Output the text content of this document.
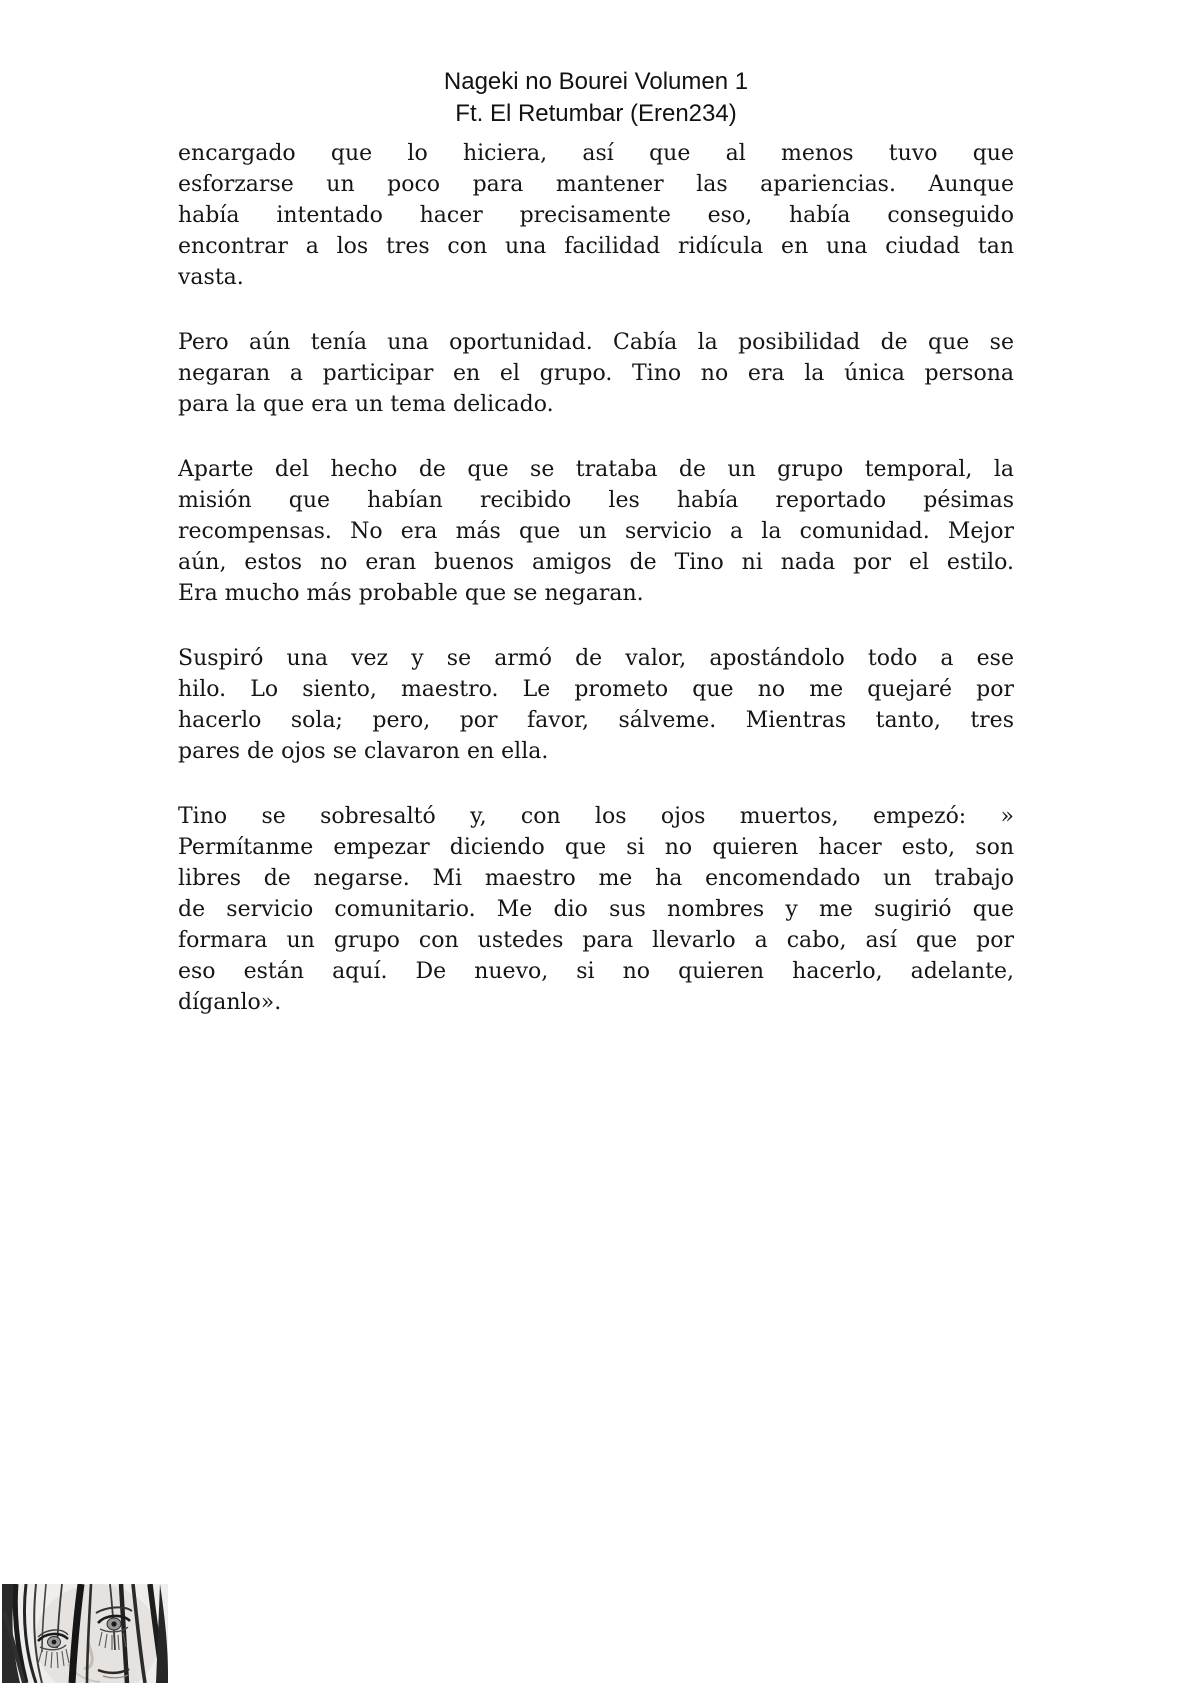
Nageki no Bourei Volumen 1
Ft. El Retumbar (Eren234)
encargado que lo hiciera, así que al menos tuvo que
esforzarse un poco para mantener las apariencias. Aunque
había intentado hacer precisamente eso, había conseguido
encontrar a los tres con una facilidad ridícula en una ciudad tan
vasta.
Pero aún tenía una oportunidad. Cabía la posibilidad de que se
negaran a participar en el grupo. Tino no era la única persona
para la que era un tema delicado.
Aparte del hecho de que se trataba de un grupo temporal, la
misión que habían recibido les había reportado pésimas
recompensas. No era más que un servicio a la comunidad. Mejor
aún, estos no eran buenos amigos de Tino ni nada por el estilo.
Era mucho más probable que se negaran.
Suspiró una vez y se armó de valor, apostándolo todo a ese
hilo. Lo siento, maestro. Le prometo que no me quejaré por
hacerlo sola; pero, por favor, sálveme. Mientras tanto, tres
pares de ojos se clavaron en ella.
Tino se sobresaltó y, con los ojos muertos, empezó: »
Permítanme empezar diciendo que si no quieren hacer esto, son
libres de negarse. Mi maestro me ha encomendado un trabajo
de servicio comunitario. Me dio sus nombres y me sugirió que
formara un grupo con ustedes para llevarlo a cabo, así que por
eso están aquí. De nuevo, si no quieren hacerlo, adelante,
díganlo».
